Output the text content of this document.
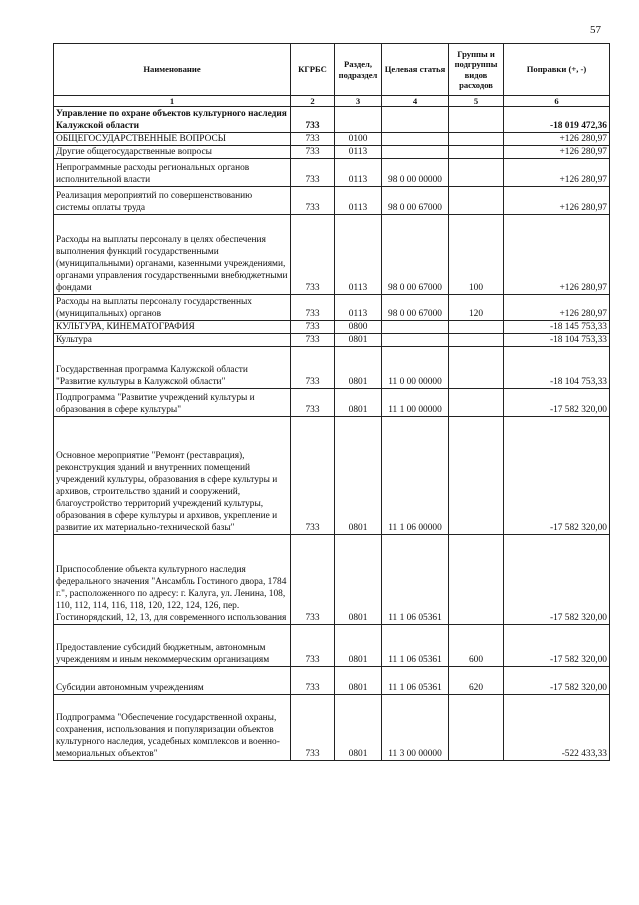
57
Наименование	КГРБС	Раздел, подраздел	Целевая статья	Группы и подгруппы видов расходов	Поправки (+, -)
1	2	3	4	5	6
Управление по охране объектов культурного наследия Калужской области	733				-18 019 472,36
ОБЩЕГОСУДАРСТВЕННЫЕ ВОПРОСЫ	733	0100			+126 280,97
Другие общегосударственные вопросы	733	0113			+126 280,97
Непрограммные расходы региональных органов исполнительной власти	733	0113	98 0 00 00000		+126 280,97
Реализация мероприятий по совершенствованию системы оплаты труда	733	0113	98 0 00 67000		+126 280,97
Расходы на выплаты персоналу в целях обеспечения выполнения функций государственными (муниципальными) органами, казенными учреждениями, органами управления государственными внебюджетными фондами	733	0113	98 0 00 67000	100	+126 280,97
Расходы на выплаты персоналу государственных (муниципальных) органов	733	0113	98 0 00 67000	120	+126 280,97
КУЛЬТУРА, КИНЕМАТОГРАФИЯ	733	0800			-18 145 753,33
Культура	733	0801			-18 104 753,33
Государственная программа Калужской области "Развитие культуры в Калужской области"	733	0801	11 0 00 00000		-18 104 753,33
Подпрограмма "Развитие учреждений культуры и образования в сфере культуры"	733	0801	11 1 00 00000		-17 582 320,00
Основное мероприятие "Ремонт (реставрация), реконструкция зданий и внутренних помещений учреждений культуры, образования в сфере культуры и архивов, строительство зданий и сооружений, благоустройство территорий учреждений культуры, образования в сфере культуры и архивов, укрепление и развитие их материально-технической базы"	733	0801	11 1 06 00000		-17 582 320,00
Приспособление объекта культурного наследия федерального значения "Ансамбль Гостиного двора, 1784 г.", расположенного по адресу: г. Калуга, ул. Ленина, 108, 110, 112, 114, 116, 118, 120, 122, 124, 126, пер. Гостинорядский, 12, 13, для современного использования	733	0801	11 1 06 05361		-17 582 320,00
Предоставление субсидий бюджетным, автономным учреждениям и иным некоммерческим организациям	733	0801	11 1 06 05361	600	-17 582 320,00
Субсидии автономным учреждениям	733	0801	11 1 06 05361	620	-17 582 320,00
Подпрограмма "Обеспечение государственной охраны, сохранения, использования и популяризации объектов культурного наследия, усадебных комплексов и военно-мемориальных объектов"	733	0801	11 3 00 00000		-522 433,33
